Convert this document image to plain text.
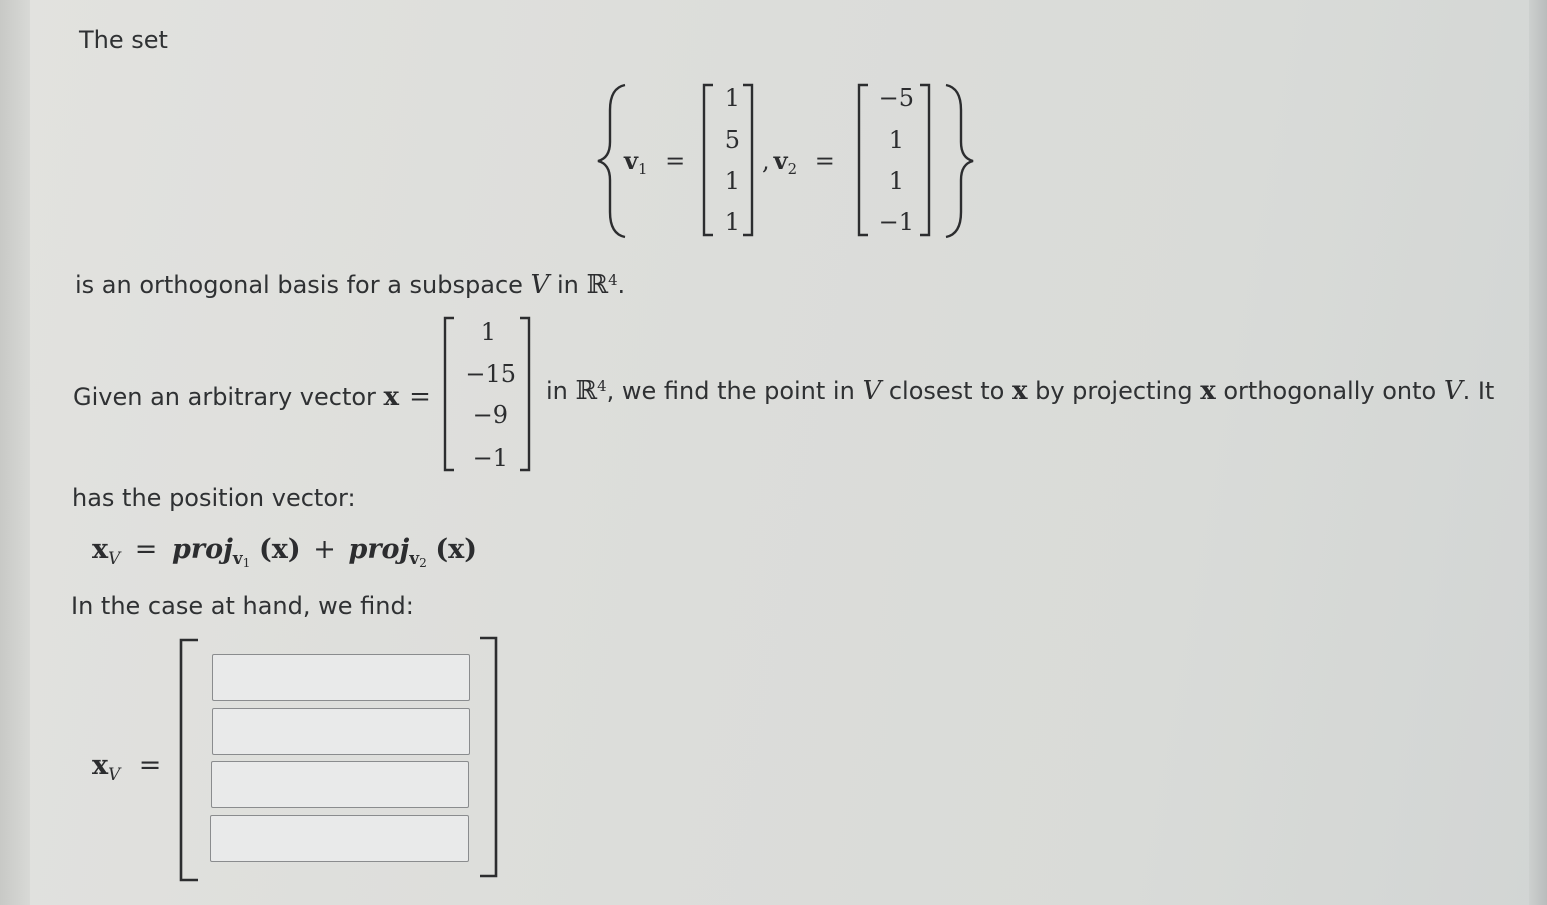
The set
$v_1$ =
1
5
1
1
, $v_2$ =
−5
1
1
−1
is an orthogonal basis for a subspace V in ℝ$^4$.
Given an arbitrary vector x =
1
−15
−9
−1
in ℝ$^4$, we find the point in V closest to x by projecting x orthogonally onto V. It
has the position vector:
$x_V$ = proj$_{v1}$ (x) + proj$_{v2}$ (x)
In the case at hand, we find:
$x_V$ =
